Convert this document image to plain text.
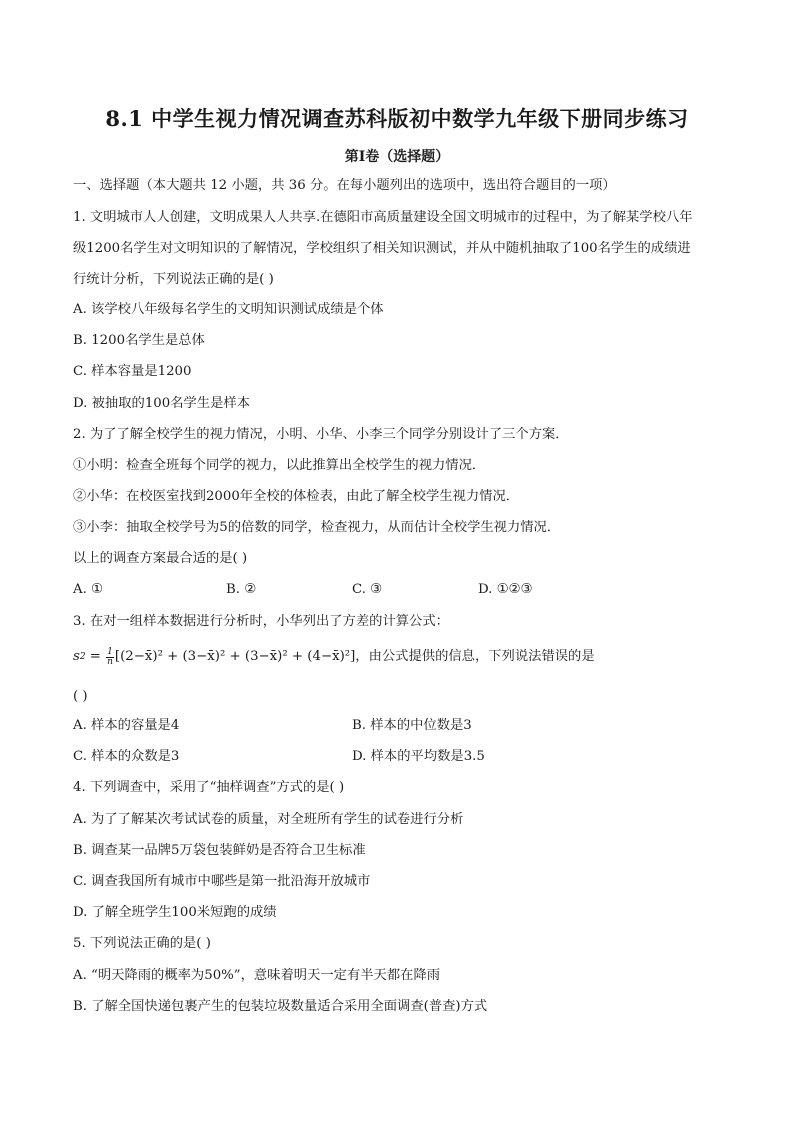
8.1 中学生视力情况调查苏科版初中数学九年级下册同步练习
第Ⅰ卷（选择题）
一、选择题（本大题共 12 小题，共 36 分。在每小题列出的选项中，选出符合题目的一项）
1. 文明城市人人创建，文明成果人人共享.在德阳市高质量建设全国文明城市的过程中，为了解某学校八年
级1200名学生对文明知识的了解情况，学校组织了相关知识测试，并从中随机抽取了100名学生的成绩进
行统计分析，下列说法正确的是( )
A. 该学校八年级每名学生的文明知识测试成绩是个体
B. 1200名学生是总体
C. 样本容量是1200
D. 被抽取的100名学生是样本
2. 为了了解全校学生的视力情况，小明、小华、小李三个同学分别设计了三个方案．
①小明：检查全班每个同学的视力，以此推算出全校学生的视力情况．
②小华：在校医室找到2000年全校的体检表，由此了解全校学生视力情况．
③小李：抽取全校学号为5的倍数的同学，检查视力，从而估计全校学生视力情况．
以上的调查方案最合适的是( )
A. ①	B. ②	C. ③	D. ①②③
3. 在对一组样本数据进行分析时，小华列出了方差的计算公式：
s $2 = \frac{1}{n}$ [(2−x̄)² + (3−x̄)² + (3−x̄)² + (4−x̄)²] ，由公式提供的信息，下列说法错误的是
( )
A. 样本的容量是4	B. 样本的中位数是3
C. 样本的众数是3	D. 样本的平均数是3.5
4. 下列调查中，采用了“抽样调查”方式的是( )
A. 为了了解某次考试试卷的质量，对全班所有学生的试卷进行分析
B. 调查某一品牌5万袋包装鲜奶是否符合卫生标准
C. 调查我国所有城市中哪些是第一批沿海开放城市
D. 了解全班学生100米短跑的成绩
5. 下列说法正确的是( )
A. “明天降雨的概率为50%”，意味着明天一定有半天都在降雨
B. 了解全国快递包裹产生的包装垃圾数量适合采用全面调查(普查)方式
